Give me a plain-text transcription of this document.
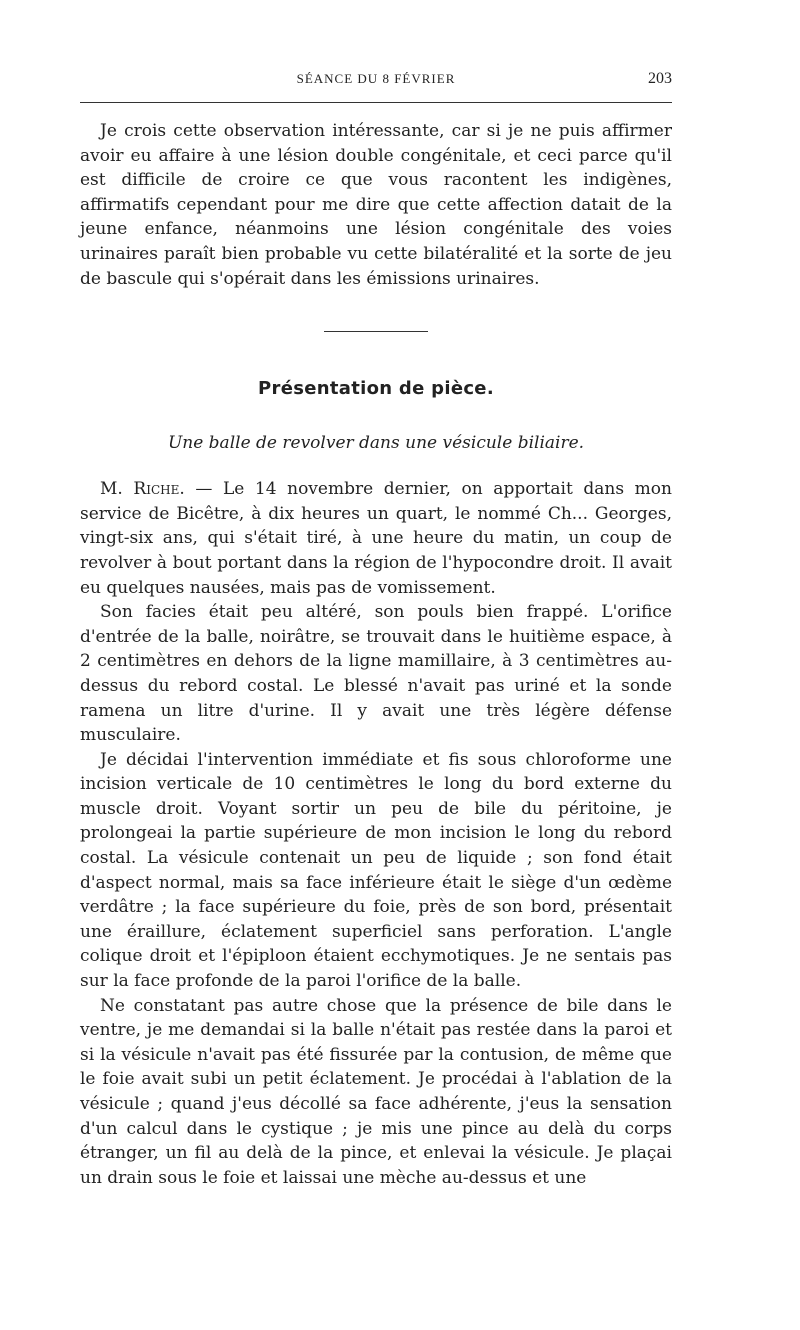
SÉANCE DU 8 FÉVRIER	203

Je crois cette observation intéressante, car si je ne puis affirmer avoir eu affaire à une lésion double congénitale, et ceci parce qu'il est difficile de croire ce que vous racontent les indigènes, affirmatifs cependant pour me dire que cette affection datait de la jeune enfance, néanmoins une lésion congénitale des voies urinaires paraît bien probable vu cette bilatéralité et la sorte de jeu de bascule qui s'opérait dans les émissions urinaires.

Présentation de pièce.
Une balle de revolver dans une vésicule biliaire.

M. Riche. — Le 14 novembre dernier, on apportait dans mon service de Bicêtre, à dix heures un quart, le nommé Ch... Georges, vingt-six ans, qui s'était tiré, à une heure du matin, un coup de revolver à bout portant dans la région de l'hypocondre droit. Il avait eu quelques nausées, mais pas de vomissement.

Son facies était peu altéré, son pouls bien frappé. L'orifice d'entrée de la balle, noirâtre, se trouvait dans le huitième espace, à 2 centimètres en dehors de la ligne mamillaire, à 3 centimètres au-dessus du rebord costal. Le blessé n'avait pas uriné et la sonde ramena un litre d'urine. Il y avait une très légère défense musculaire.

Je décidai l'intervention immédiate et fis sous chloroforme une incision verticale de 10 centimètres le long du bord externe du muscle droit. Voyant sortir un peu de bile du péritoine, je prolongeai la partie supérieure de mon incision le long du rebord costal. La vésicule contenait un peu de liquide ; son fond était d'aspect normal, mais sa face inférieure était le siège d'un œdème verdâtre ; la face supérieure du foie, près de son bord, présentait une éraillure, éclatement superficiel sans perforation. L'angle colique droit et l'épiploon étaient ecchymotiques. Je ne sentais pas sur la face profonde de la paroi l'orifice de la balle.

Ne constatant pas autre chose que la présence de bile dans le ventre, je me demandai si la balle n'était pas restée dans la paroi et si la vésicule n'avait pas été fissurée par la contusion, de même que le foie avait subi un petit éclatement. Je procédai à l'ablation de la vésicule ; quand j'eus décollé sa face adhérente, j'eus la sensation d'un calcul dans le cystique ; je mis une pince au delà du corps étranger, un fil au delà de la pince, et enlevai la vésicule. Je plaçai un drain sous le foie et laissai une mèche au-dessus et une
